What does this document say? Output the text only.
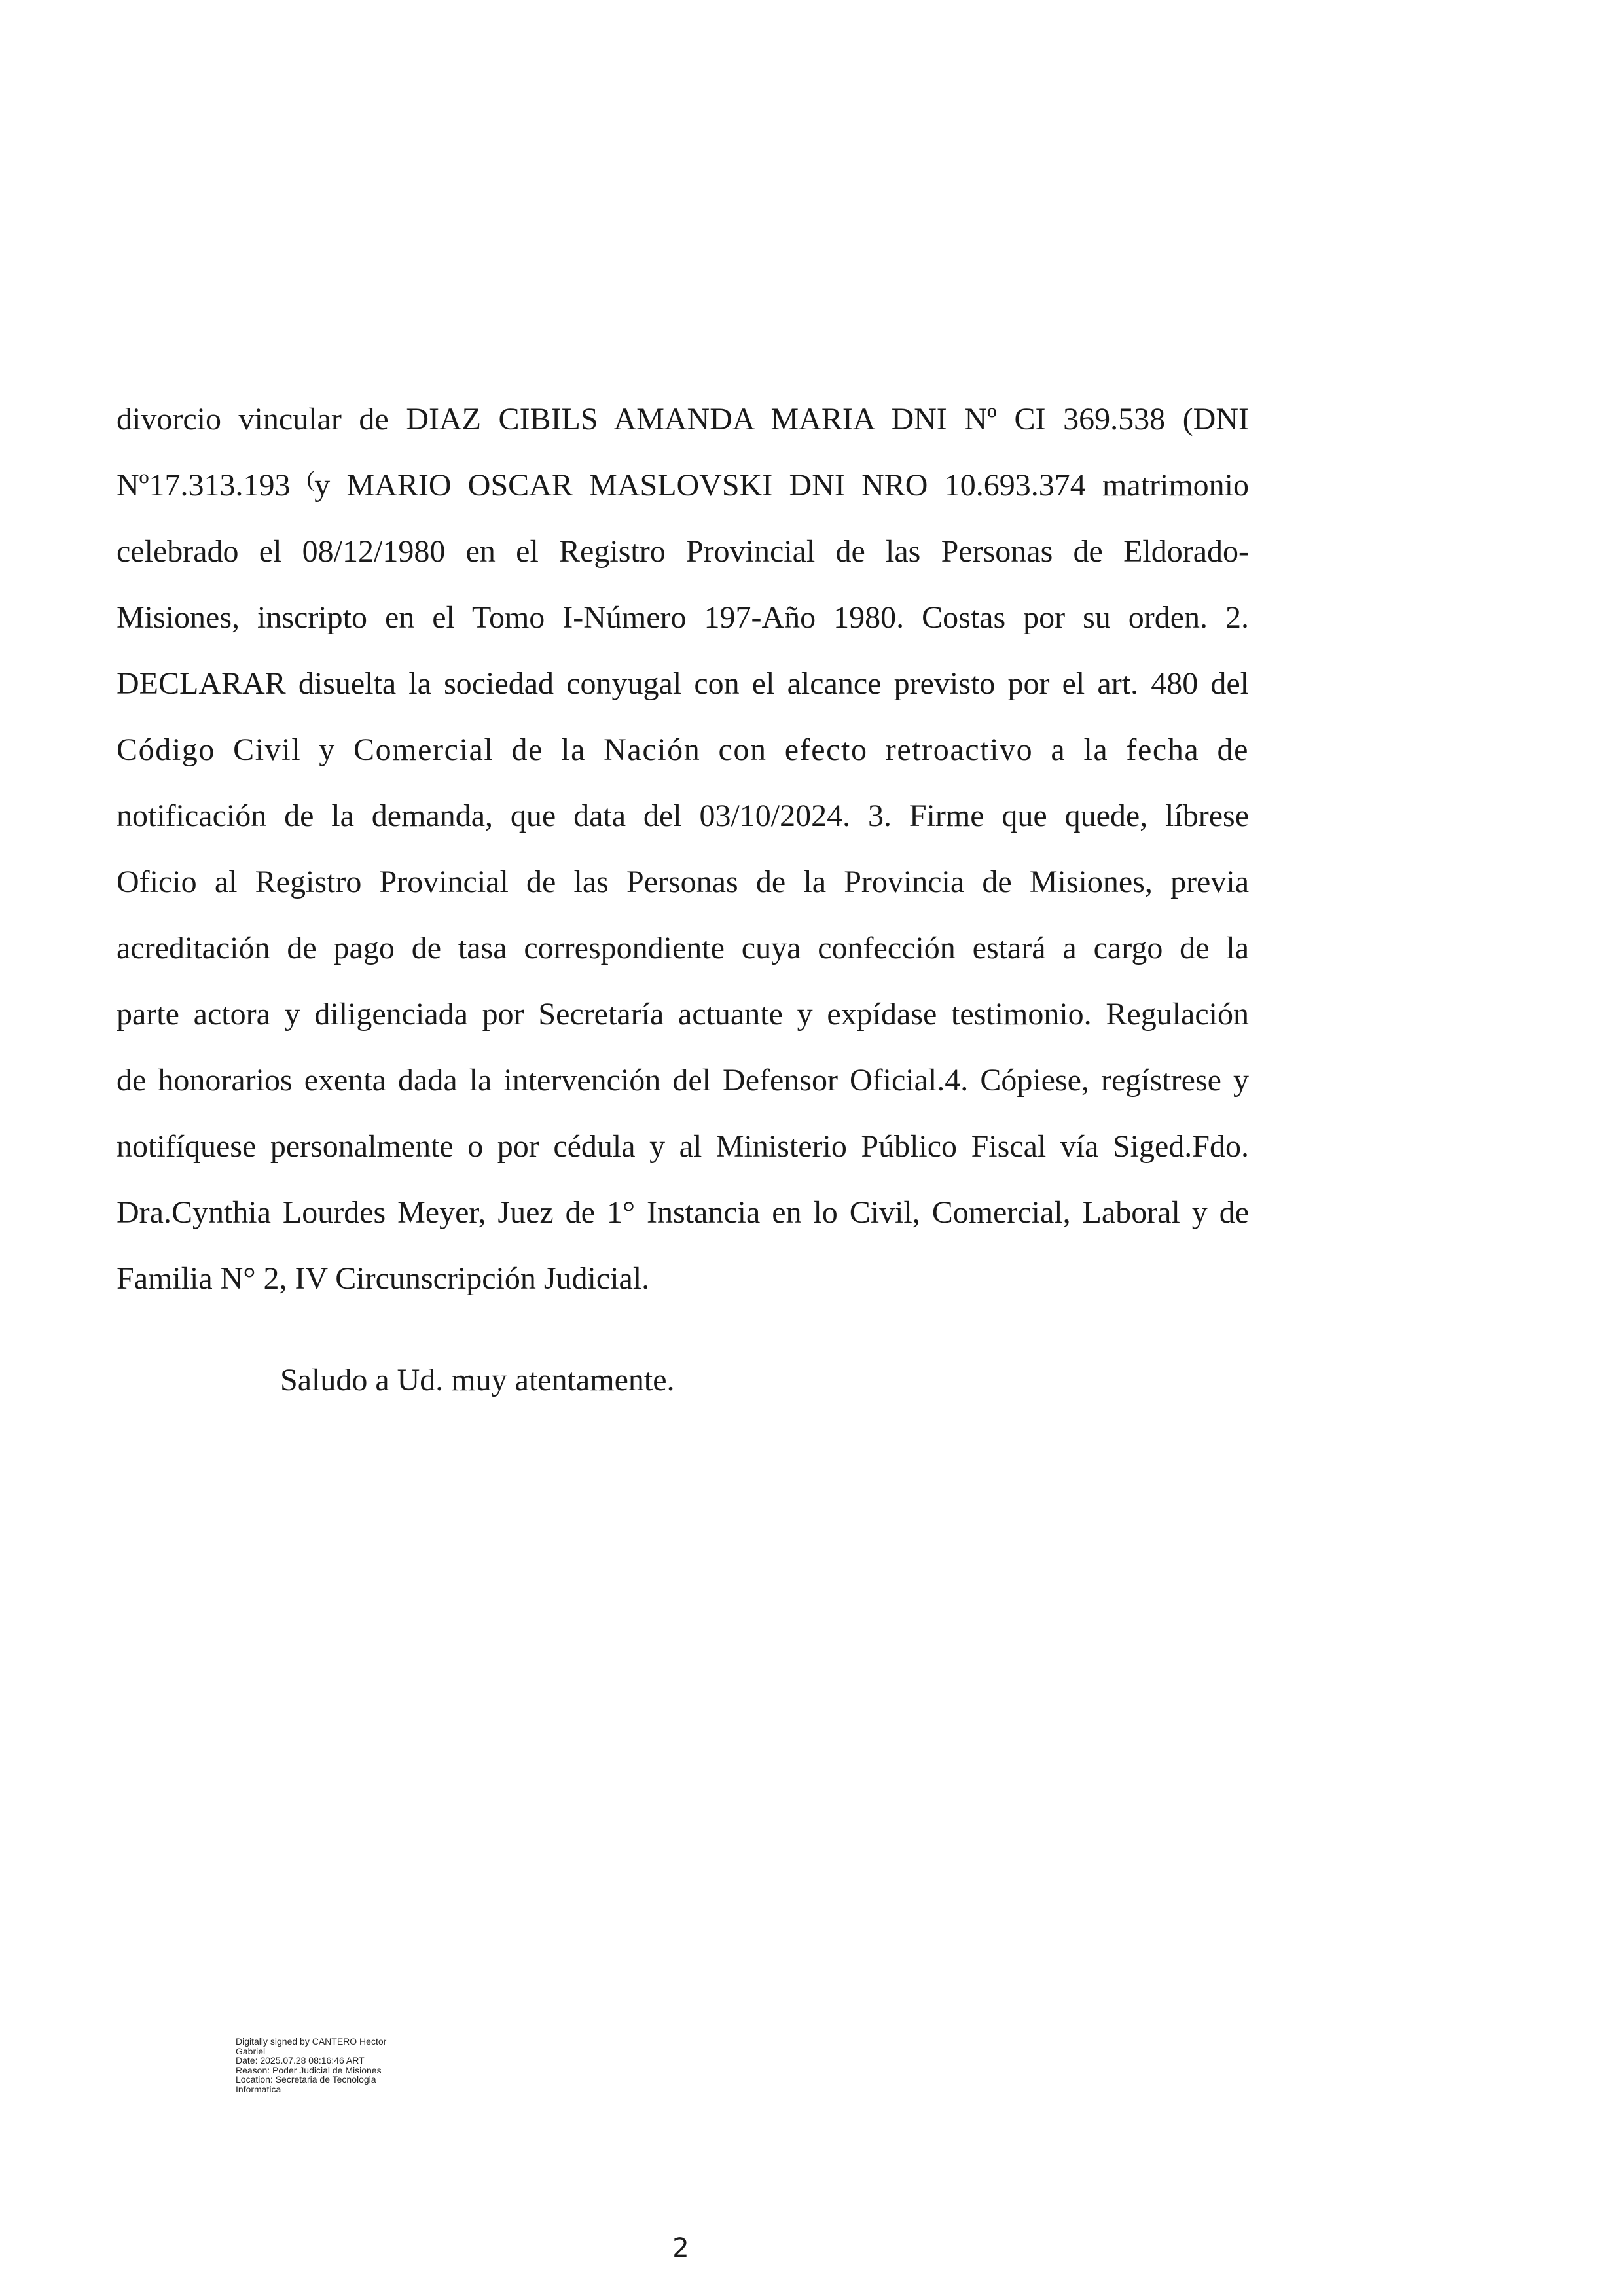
divorcio vincular de DIAZ CIBILS AMANDA MARIA DNI Nº CI 369.538 (DNI
Nº17.313.193 (y MARIO OSCAR MASLOVSKI DNI NRO 10.693.374 matrimonio
celebrado el 08/12/1980 en el Registro Provincial de las Personas de Eldorado-
Misiones, inscripto en el Tomo I-Número 197-Año 1980. Costas por su orden. 2.
DECLARAR disuelta la sociedad conyugal con el alcance previsto por el art. 480 del
Código Civil y Comercial de la Nación con efecto retroactivo a la fecha de
notificación de la demanda, que data del 03/10/2024. 3. Firme que quede, líbrese
Oficio al Registro Provincial de las Personas de la Provincia de Misiones, previa
acreditación de pago de tasa correspondiente cuya confección estará a cargo de la
parte actora y diligenciada por Secretaría actuante y expídase testimonio. Regulación
de honorarios exenta dada la intervención del Defensor Oficial.4. Cópiese, regístrese y
notifíquese personalmente o por cédula y al Ministerio Público Fiscal vía Siged.Fdo.
Dra.Cynthia Lourdes Meyer, Juez de 1° Instancia en lo Civil, Comercial, Laboral y de
Familia N° 2, IV Circunscripción Judicial.

Saludo a Ud. muy atentamente.

Digitally signed by CANTERO Hector
Gabriel
Date: 2025.07.28 08:16:46 ART
Reason: Poder Judicial de Misiones
Location: Secretaria de Tecnologia
Informatica
2
